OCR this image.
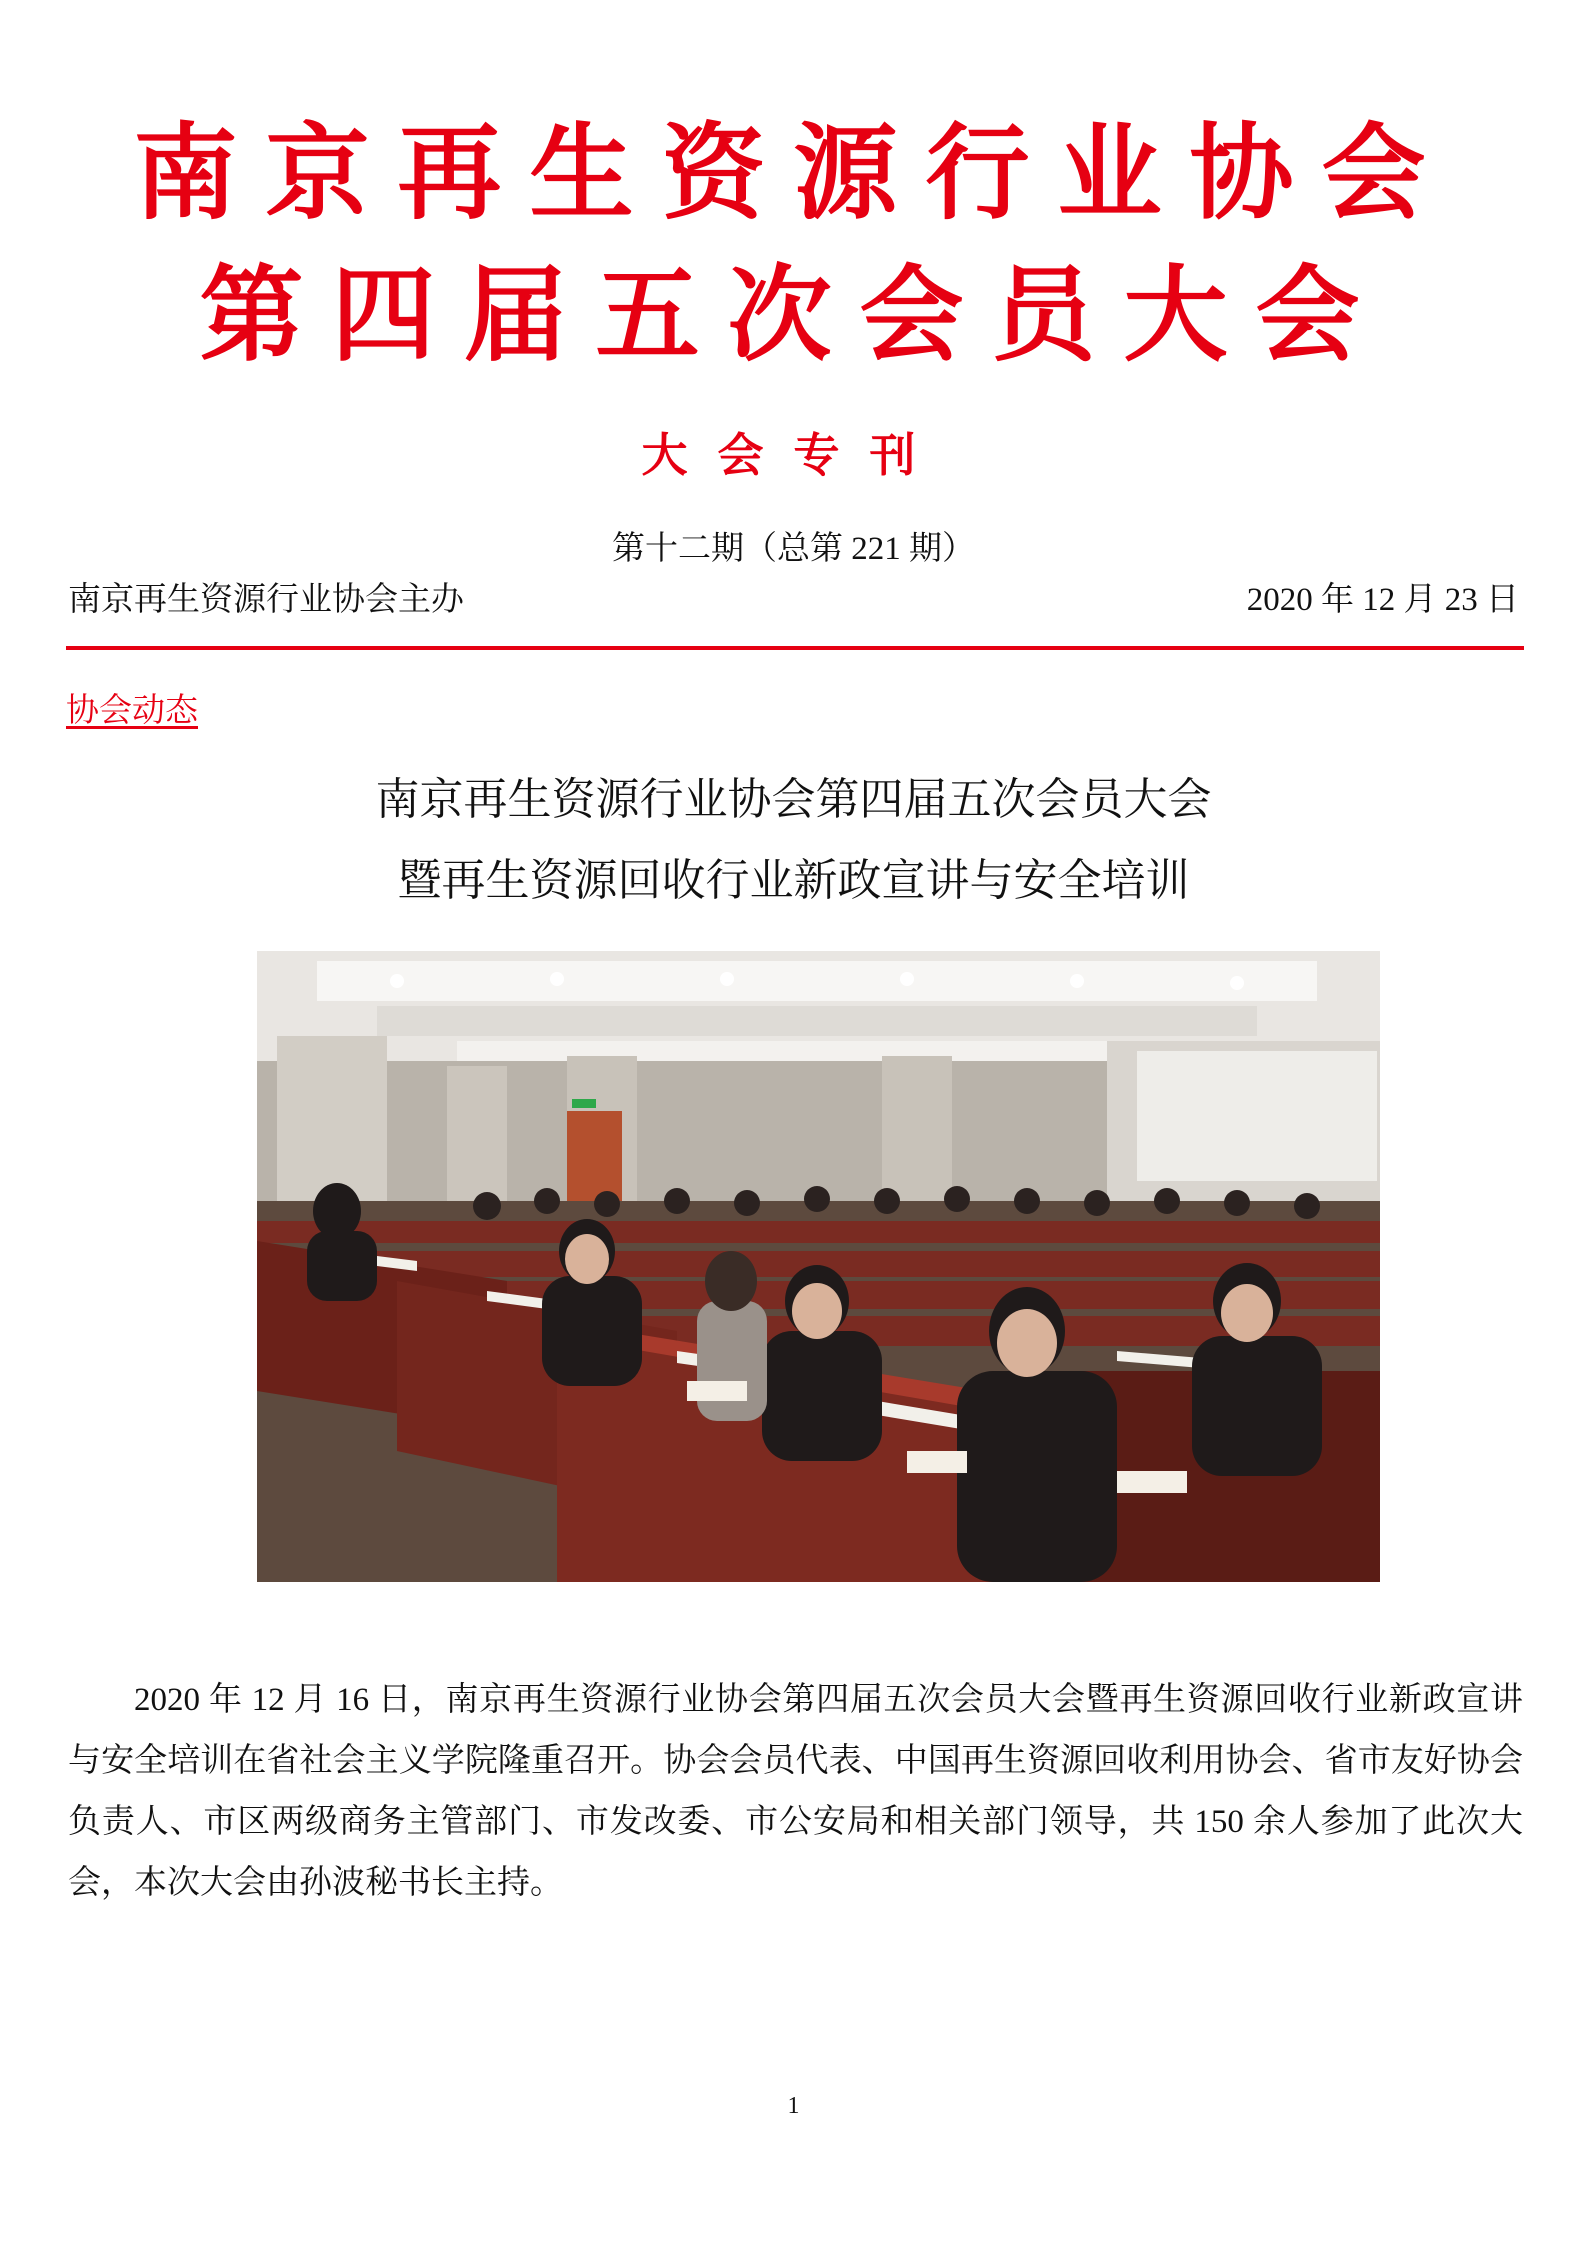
南京再生资源行业协会
第四届五次会员大会
大会专刊
第十二期（总第 221 期）
南京再生资源行业协会主办	2020 年 12 月 23 日
协会动态
南京再生资源行业协会第四届五次会员大会
暨再生资源回收行业新政宣讲与安全培训

2020 年 12 月 16 日，南京再生资源行业协会第四届五次会员大会暨再生资源回收行业新政宣讲与安全培训在省社会主义学院隆重召开。协会会员代表、中国再生资源回收利用协会、省市友好协会负责人、市区两级商务主管部门、市发改委、市公安局和相关部门领导，共 150 余人参加了此次大会，本次大会由孙波秘书长主持。

1
